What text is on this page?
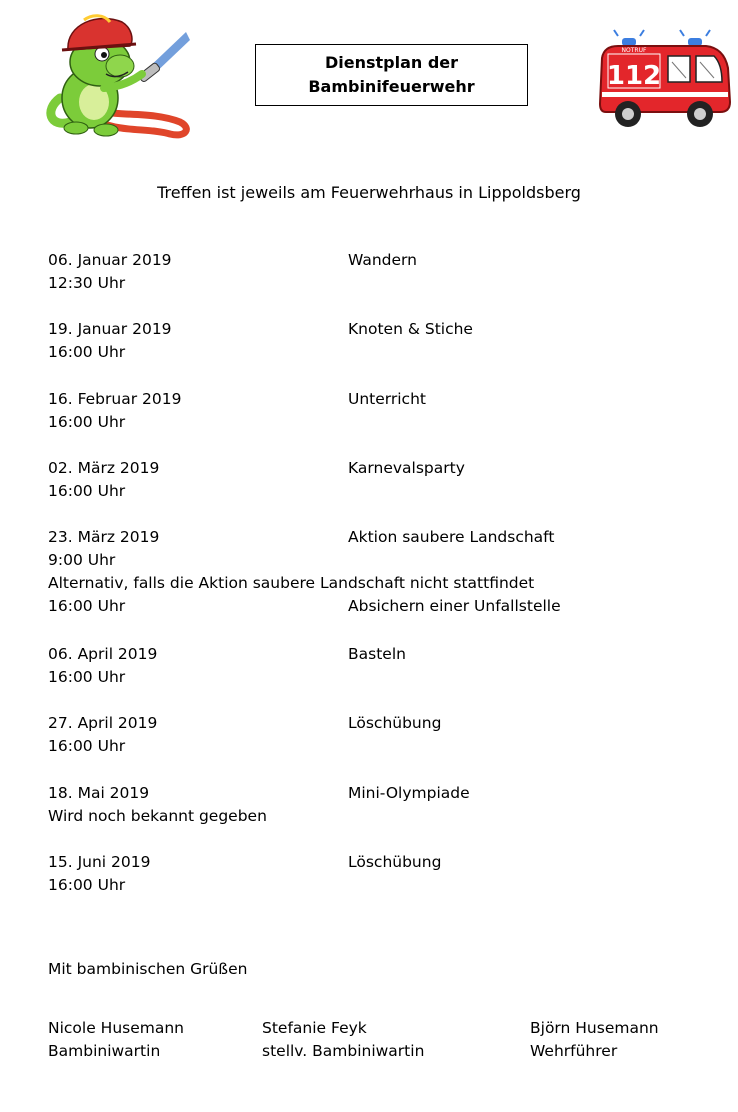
Dienstplan der
Bambinifeuerwehr	112
NOTRUF
Treffen ist jeweils am Feuerwehrhaus in Lippoldsberg
06. Januar 2019
12:30 Uhr
Wandern
19. Januar 2019
16:00 Uhr
Knoten & Stiche
16. Februar 2019
16:00 Uhr
Unterricht
02. März 2019
16:00 Uhr
Karnevalsparty
23. März 2019
9:00 Uhr
Aktion saubere Landschaft
Alternativ, falls die Aktion saubere Landschaft nicht stattfindet
16:00 Uhr	Absichern einer Unfallstelle
06. April 2019
16:00 Uhr
Basteln
27. April 2019
16:00 Uhr
Löschübung
18. Mai 2019
Wird noch bekannt gegeben
Mini-Olympiade
15. Juni 2019
16:00 Uhr
Löschübung
Mit bambinischen Grüßen
Nicole Husemann
Bambiniwartin
Stefanie Feyk
stellv. Bambiniwartin
Björn Husemann
Wehrführer
